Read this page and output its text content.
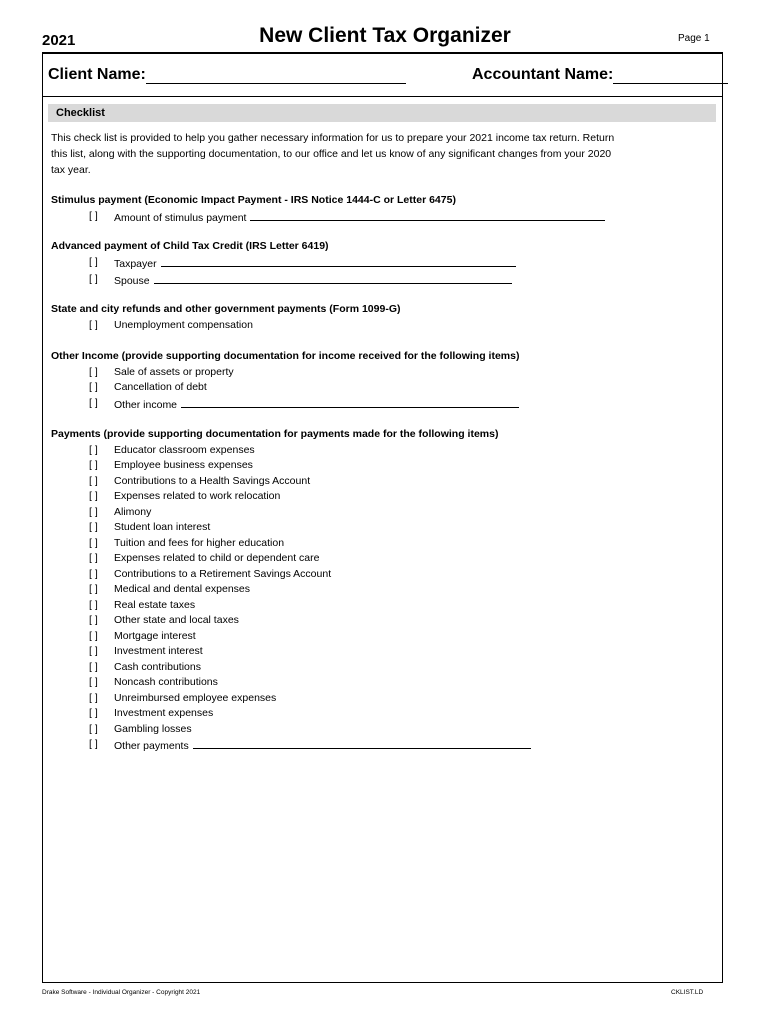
2021	New Client Tax Organizer	Page 1
Client Name:	Accountant Name:
Checklist
This check list is provided to help you gather necessary information for us to prepare your 2021 income tax return. Return
this list, along with the supporting documentation, to our office and let us know of any significant changes from your 2020
tax year.
Stimulus payment (Economic Impact Payment - IRS Notice 1444-C or Letter 6475)
[ ] Amount of stimulus payment
Advanced payment of Child Tax Credit (IRS Letter 6419)
[ ] Taxpayer
[ ] Spouse
State and city refunds and other government payments (Form 1099-G)
[ ] Unemployment compensation
Other Income (provide supporting documentation for income received for the following items)
[ ] Sale of assets or property
[ ] Cancellation of debt
[ ] Other income
Payments (provide supporting documentation for payments made for the following items)
[ ] Educator classroom expenses
[ ] Employee business expenses
[ ] Contributions to a Health Savings Account
[ ] Expenses related to work relocation
[ ] Alimony
[ ] Student loan interest
[ ] Tuition and fees for higher education
[ ] Expenses related to child or dependent care
[ ] Contributions to a Retirement Savings Account
[ ] Medical and dental expenses
[ ] Real estate taxes
[ ] Other state and local taxes
[ ] Mortgage interest
[ ] Investment interest
[ ] Cash contributions
[ ] Noncash contributions
[ ] Unreimbursed employee expenses
[ ] Investment expenses
[ ] Gambling losses
[ ] Other payments
Drake Software - Individual Organizer - Copyright 2021	CKLIST.LD
